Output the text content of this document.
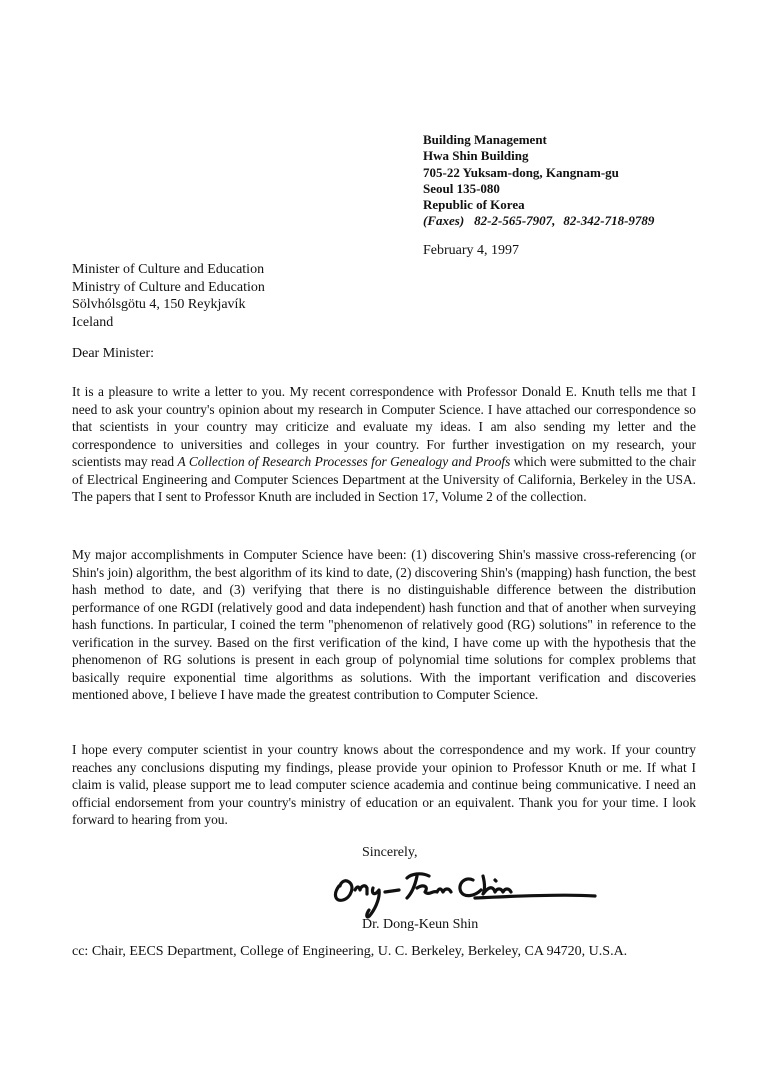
Building Management
Hwa Shin Building
705-22 Yuksam-dong, Kangnam-gu
Seoul 135-080
Republic of Korea
(Faxes) 82-2-565-7907, 82-342-718-9789
February 4, 1997
Minister of Culture and Education
Ministry of Culture and Education
Sölvhólsgötu 4, 150 Reykjavík
Iceland
Dear Minister:

It is a pleasure to write a letter to you. My recent correspondence with Professor Donald E. Knuth tells me that I need to ask your country's opinion about my research in Computer Science. I have attached our correspondence so that scientists in your country may criticize and evaluate my ideas. I am also sending my letter and the correspondence to universities and colleges in your country. For further investigation on my research, your scientists may read A Collection of Research Processes for Genealogy and Proofs which were submitted to the chair of Electrical Engineering and Computer Sciences Department at the University of California, Berkeley in the USA. The papers that I sent to Professor Knuth are included in Section 17, Volume 2 of the collection.

My major accomplishments in Computer Science have been: (1) discovering Shin's massive cross-referencing (or Shin's join) algorithm, the best algorithm of its kind to date, (2) discovering Shin's (mapping) hash function, the best hash method to date, and (3) verifying that there is no distinguishable difference between the distribution performance of one RGDI (relatively good and data independent) hash function and that of another when surveying hash functions. In particular, I coined the term "phenomenon of relatively good (RG) solutions" in reference to the verification in the survey. Based on the first verification of the kind, I have come up with the hypothesis that the phenomenon of RG solutions is present in each group of polynomial time solutions for complex problems that basically require exponential time algorithms as solutions. With the important verification and discoveries mentioned above, I believe I have made the greatest contribution to Computer Science.

I hope every computer scientist in your country knows about the correspondence and my work. If your country reaches any conclusions disputing my findings, please provide your opinion to Professor Knuth or me. If what I claim is valid, please support me to lead computer science academia and continue being communicative. I need an official endorsement from your country's ministry of education or an equivalent. Thank you for your time. I look forward to hearing from you.

Sincerely,
Dr. Dong-Keun Shin
cc: Chair, EECS Department, College of Engineering, U. C. Berkeley, Berkeley, CA 94720, U.S.A.
